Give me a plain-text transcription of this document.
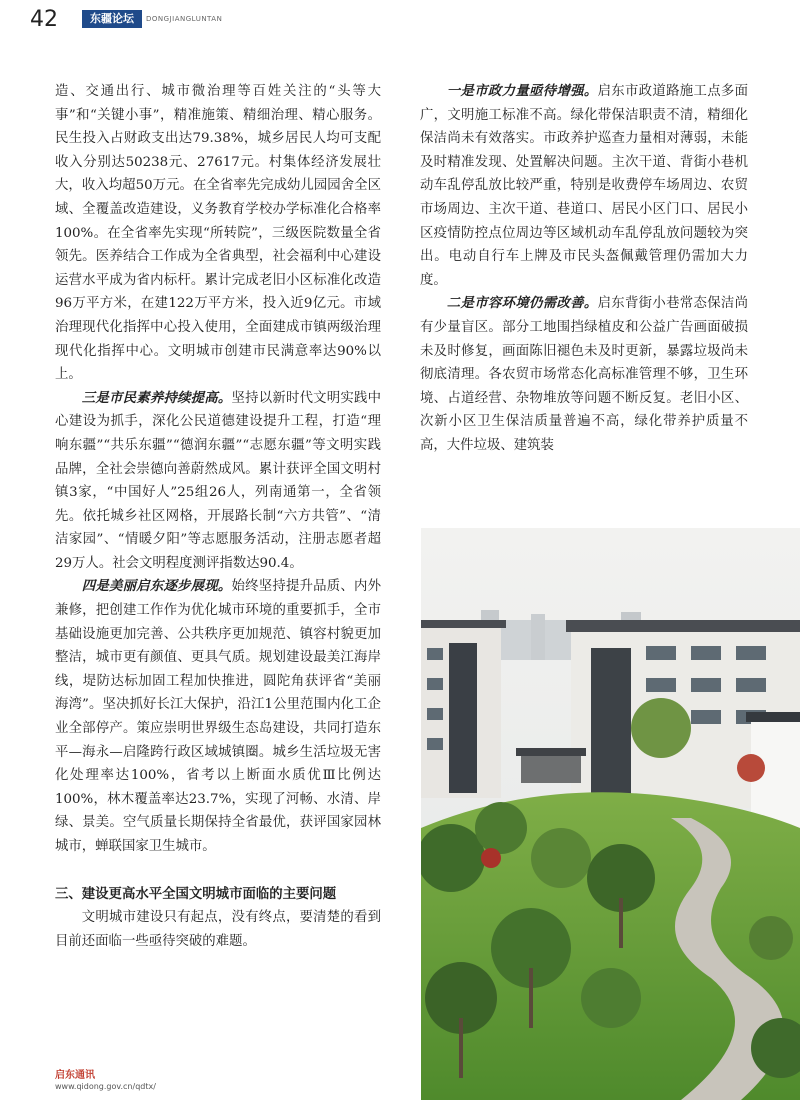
42	东疆论坛	DONGJIANGLUNTAN

造、交通出行、城市微治理等百姓关注的“头等大事”和“关键小事”，精准施策、精细治理、精心服务。民生投入占财政支出达79.38%，城乡居民人均可支配收入分别达50238元、27617元。村集体经济发展壮大，收入均超50万元。在全省率先完成幼儿园园舍全区域、全覆盖改造建设，义务教育学校办学标准化合格率100%。在全省率先实现“所转院”，三级医院数量全省领先。医养结合工作成为全省典型，社会福利中心建设运营水平成为省内标杆。累计完成老旧小区标准化改造96万平方米，在建122万平方米，投入近9亿元。市域治理现代化指挥中心投入使用，全面建成市镇两级治理现代化指挥中心。文明城市创建市民满意率达90%以上。

三是市民素养持续提高。坚持以新时代文明实践中心建设为抓手，深化公民道德建设提升工程，打造“理响东疆”“共乐东疆”“德润东疆”“志愿东疆”等文明实践品牌，全社会崇德向善蔚然成风。累计获评全国文明村镇3家，“中国好人”25组26人，列南通第一，全省领先。依托城乡社区网格，开展路长制“六方共管”、“清洁家园”、“情暖夕阳”等志愿服务活动，注册志愿者超29万人。社会文明程度测评指数达90.4。

四是美丽启东逐步展现。始终坚持提升品质、内外兼修，把创建工作作为优化城市环境的重要抓手，全市基础设施更加完善、公共秩序更加规范、镇容村貌更加整洁，城市更有颜值、更具气质。规划建设最美江海岸线，堤防达标加固工程加快推进，圆陀角获评省“美丽海湾”。坚决抓好长江大保护，沿江1公里范围内化工企业全部停产。策应崇明世界级生态岛建设，共同打造东平—海永—启隆跨行政区域城镇圈。城乡生活垃圾无害化处理率达100%，省考以上断面水质优Ⅲ比例达100%，林木覆盖率达23.7%，实现了河畅、水清、岸绿、景美。空气质量长期保持全省最优，获评国家园林城市，蝉联国家卫生城市。

三、建设更高水平全国文明城市面临的主要问题

文明城市建设只有起点，没有终点，要清楚的看到目前还面临一些亟待突破的难题。

一是市政力量亟待增强。启东市政道路施工点多面广，文明施工标准不高。绿化带保洁职责不清，精细化保洁尚未有效落实。市政养护巡查力量相对薄弱，未能及时精准发现、处置解决问题。主次干道、背街小巷机动车乱停乱放比较严重，特别是收费停车场周边、农贸市场周边、主次干道、巷道口、居民小区门口、居民小区疫情防控点位周边等区域机动车乱停乱放问题较为突出。电动自行车上牌及市民头盔佩戴管理仍需加大力度。

二是市容环境仍需改善。启东背街小巷常态保洁尚有少量盲区。部分工地围挡绿植皮和公益广告画面破损未及时修复，画面陈旧褪色未及时更新，暴露垃圾尚未彻底清理。各农贸市场常态化高标准管理不够，卫生环境、占道经营、杂物堆放等问题不断反复。老旧小区、次新小区卫生保洁质量普遍不高，绿化带养护质量不高，大件垃圾、建筑装

启东通讯
www.qidong.gov.cn/qdtx/
